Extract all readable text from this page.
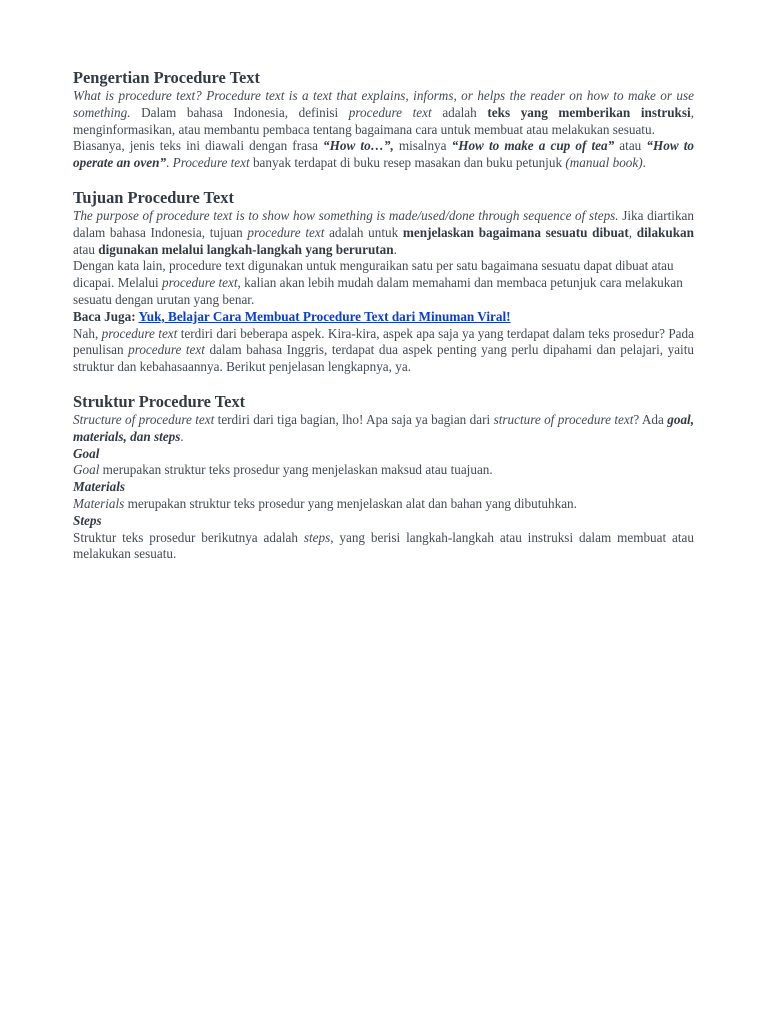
Pengertian Procedure Text

What is procedure text? Procedure text is a text that explains, informs, or helps the reader on how to make or use something. Dalam bahasa Indonesia, definisi procedure text adalah teks yang memberikan instruksi, menginformasikan, atau membantu pembaca tentang bagaimana cara untuk membuat atau melakukan sesuatu.

Biasanya, jenis teks ini diawali dengan frasa “How to…”, misalnya “How to make a cup of tea” atau “How to operate an oven”. Procedure text banyak terdapat di buku resep masakan dan buku petunjuk (manual book).

Tujuan Procedure Text

The purpose of procedure text is to show how something is made/used/done through sequence of steps. Jika diartikan dalam bahasa Indonesia, tujuan procedure text adalah untuk menjelaskan bagaimana sesuatu dibuat, dilakukan atau digunakan melalui langkah-langkah yang berurutan.

Dengan kata lain, procedure text digunakan untuk menguraikan satu per satu bagaimana sesuatu dapat dibuat atau dicapai. Melalui procedure text, kalian akan lebih mudah dalam memahami dan membaca petunjuk cara melakukan sesuatu dengan urutan yang benar.

Baca Juga: Yuk, Belajar Cara Membuat Procedure Text dari Minuman Viral!

Nah, procedure text terdiri dari beberapa aspek. Kira-kira, aspek apa saja ya yang terdapat dalam teks prosedur? Pada penulisan procedure text dalam bahasa Inggris, terdapat dua aspek penting yang perlu dipahami dan pelajari, yaitu struktur dan kebahasaannya. Berikut penjelasan lengkapnya, ya.

Struktur Procedure Text

Structure of procedure text terdiri dari tiga bagian, lho! Apa saja ya bagian dari structure of procedure text? Ada goal, materials, dan steps.

Goal

Goal merupakan struktur teks prosedur yang menjelaskan maksud atau tuajuan.

Materials

Materials merupakan struktur teks prosedur yang menjelaskan alat dan bahan yang dibutuhkan.

Steps

Struktur teks prosedur berikutnya adalah steps, yang berisi langkah-langkah atau instruksi dalam membuat atau melakukan sesuatu.
